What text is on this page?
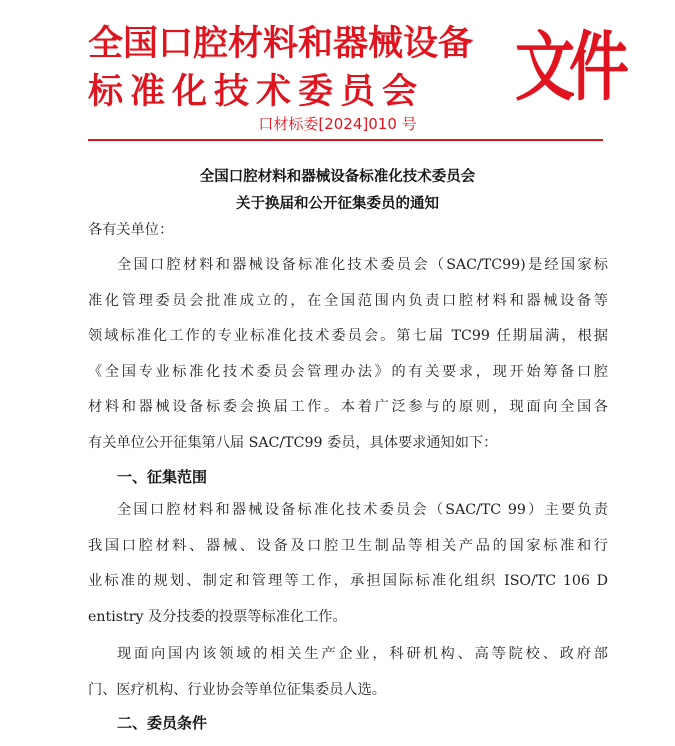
全国口腔材料和器械设备
标准化技术委员会	文件
口材标委[2024]010 号
全国口腔材料和器械设备标准化技术委员会
关于换届和公开征集委员的通知
各有关单位：
全国口腔材料和器械设备标准化技术委员会（SAC/TC99)是经国家标
准化管理委员会批准成立的，在全国范围内负责口腔材料和器械设备等
领域标准化工作的专业标准化技术委员会。第七届 TC99 任期届满，根据
《全国专业标准化技术委员会管理办法》的有关要求，现开始筹备口腔
材料和器械设备标委会换届工作。本着广泛参与的原则，现面向全国各
有关单位公开征集第八届 SAC/TC99 委员，具体要求通知如下：
一、征集范围
全国口腔材料和器械设备标准化技术委员会（SAC/TC 99）主要负责
我国口腔材料、器械、设备及口腔卫生制品等相关产品的国家标准和行
业标准的规划、制定和管理等工作，承担国际标准化组织 ISO/TC 106 D
entistry 及分技委的投票等标准化工作。
现面向国内该领域的相关生产企业，科研机构、高等院校、政府部
门、医疗机构、行业协会等单位征集委员人选。
二、委员条件
